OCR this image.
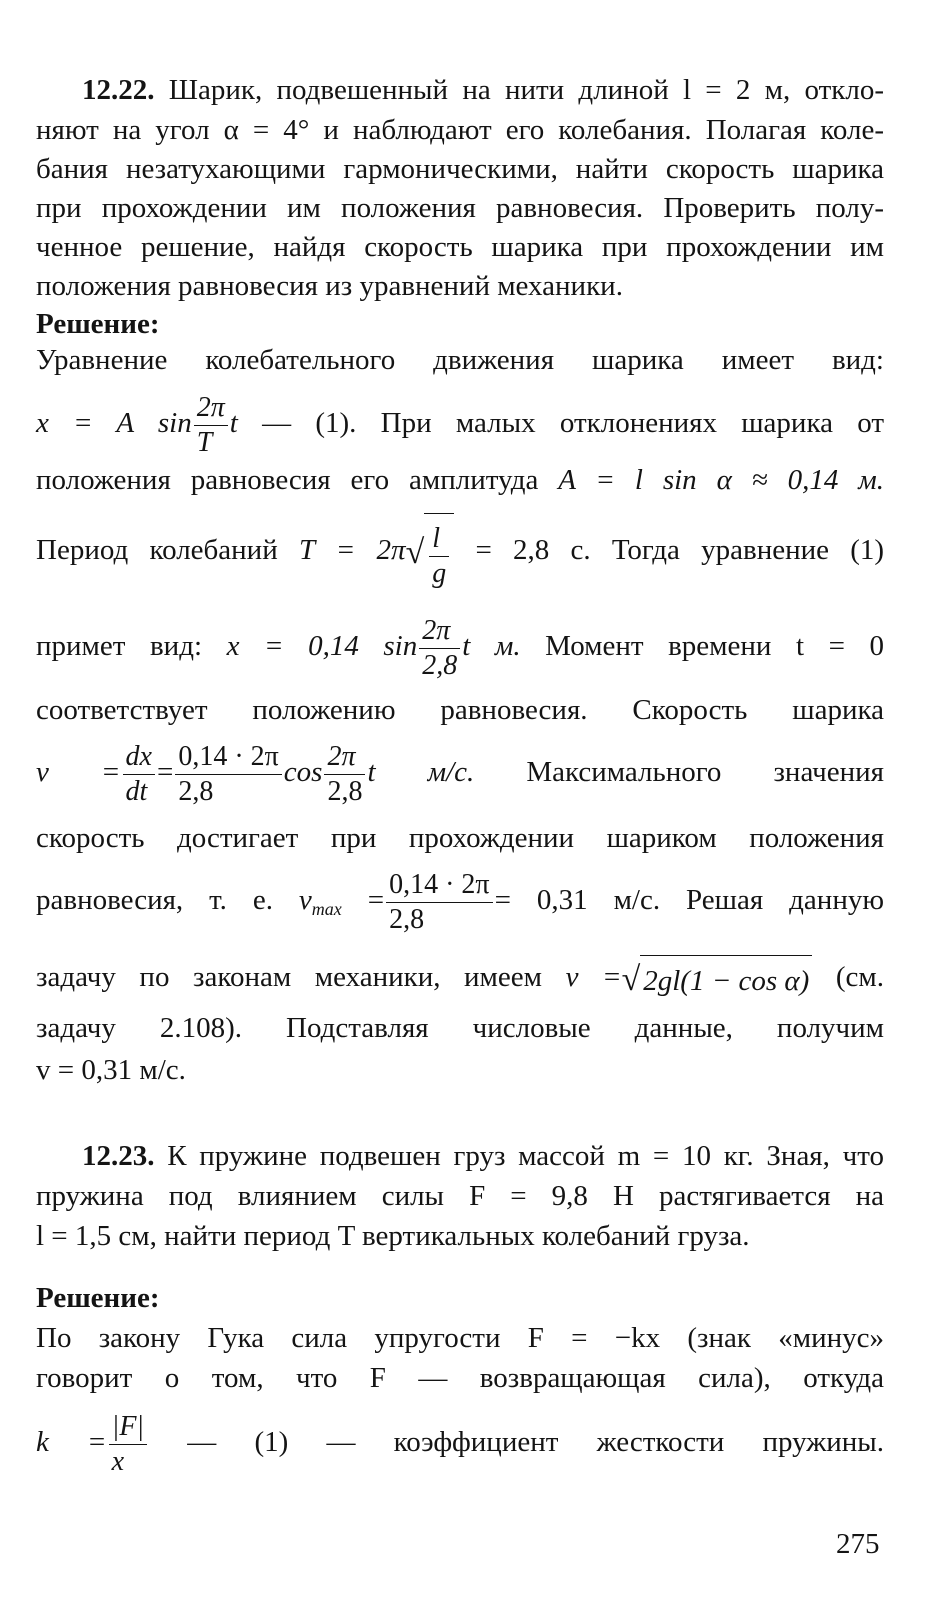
12.22. Шарик, подвешенный на нити длиной l = 2 м, откло-
няют на угол α = 4° и наблюдают его колебания. Полагая коле-
бания незатухающими гармоническими, найти скорость шарика
при прохождении им положения равновесия. Проверить полу-
ченное решение, найдя скорость шарика при прохождении им
положения равновесия из уравнений механики.
Решение:
Уравнение колебательного движения шарика имеет вид:
x = A $\sin \frac{2\pi}{T}$ t — (1). При малых отклонениях шарика от
положения равновесия его амплитуда A = l sin α ≈ 0,14 м.
Период колебаний $T = 2\pi√ \frac{l}{g} = 2,8$ с. Тогда уравнение (1)
примет вид: x = 0,14 $\sin \frac{2\pi}{2,8}$ t м. Момент времени t = 0
соответствует положению равновесия. Скорость шарика
$v = \frac{dx}{dt} = \frac{0,14 \cdot 2\pi}{2,8}$ $\cos \frac{2\pi}{2,8}$ t м/с. Максимального значения
скорость достигает при прохождении шариком положения
равновесия, т. е. $v_{max} = \frac{0,14 \cdot 2\pi}{2,8} = 0,31$ м/с. Решая данную
задачу по законам механики, имеем v =√ 2gl(1 − cos α) (см.
задачу 2.108). Подставляя числовые данные, получим
v = 0,31 м/с.
12.23. К пружине подвешен груз массой m = 10 кг. Зная, что
пружина под влиянием силы F = 9,8 Н растягивается на
l = 1,5 см, найти период T вертикальных колебаний груза.
Решение:
По закону Гука сила упругости F = −kx (знак «минус»
говорит о том, что F — возвращающая сила), откуда
$k = \frac{|F|}{x}$ — (1) — коэффициент жесткости пружины.
275
